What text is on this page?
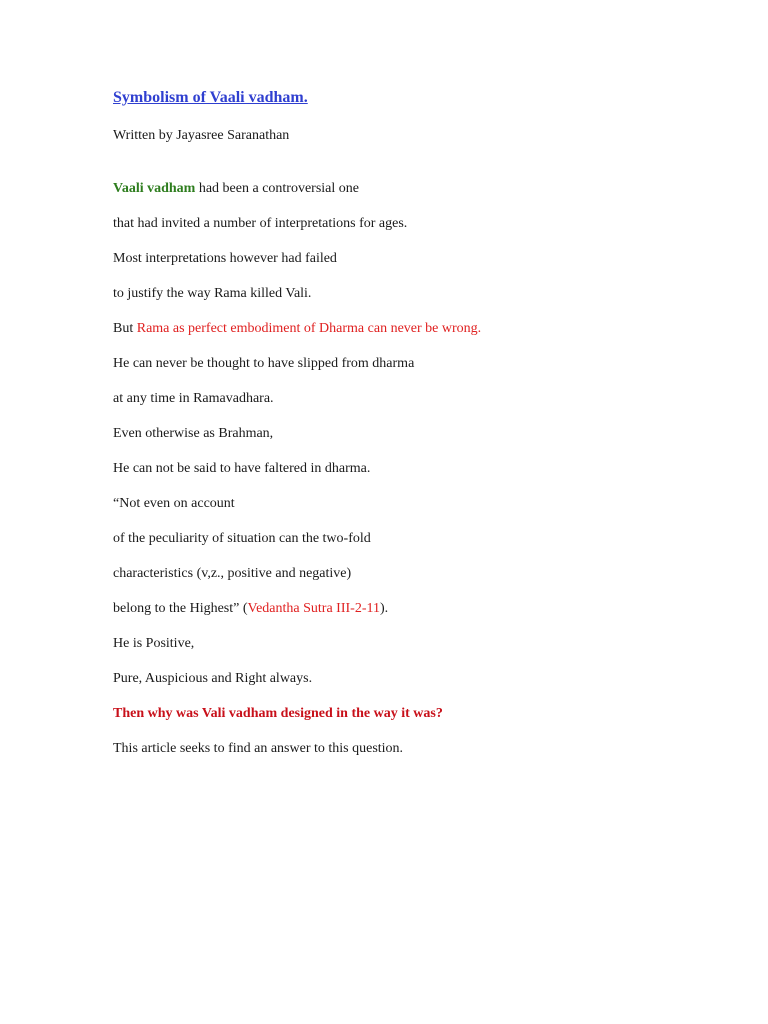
Symbolism of Vaali vadham.
Written by Jayasree Saranathan
Vaali vadham had been a controversial one
that had invited a number of interpretations for ages.
Most interpretations however had failed
to justify the way Rama killed Vali.
But Rama as perfect embodiment of Dharma can never be wrong.
He can never be thought to have slipped from dharma
at any time in Ramavadhara.
Even otherwise as Brahman,
He can not be said to have faltered in dharma.
“Not even on account
of the peculiarity of situation can the two-fold
characteristics (v,z., positive and negative)
belong to the Highest” (Vedantha Sutra III-2-11).
He is Positive,
Pure, Auspicious and Right always.
Then why was Vali vadham designed in the way it was?
This article seeks to find an answer to this question.
